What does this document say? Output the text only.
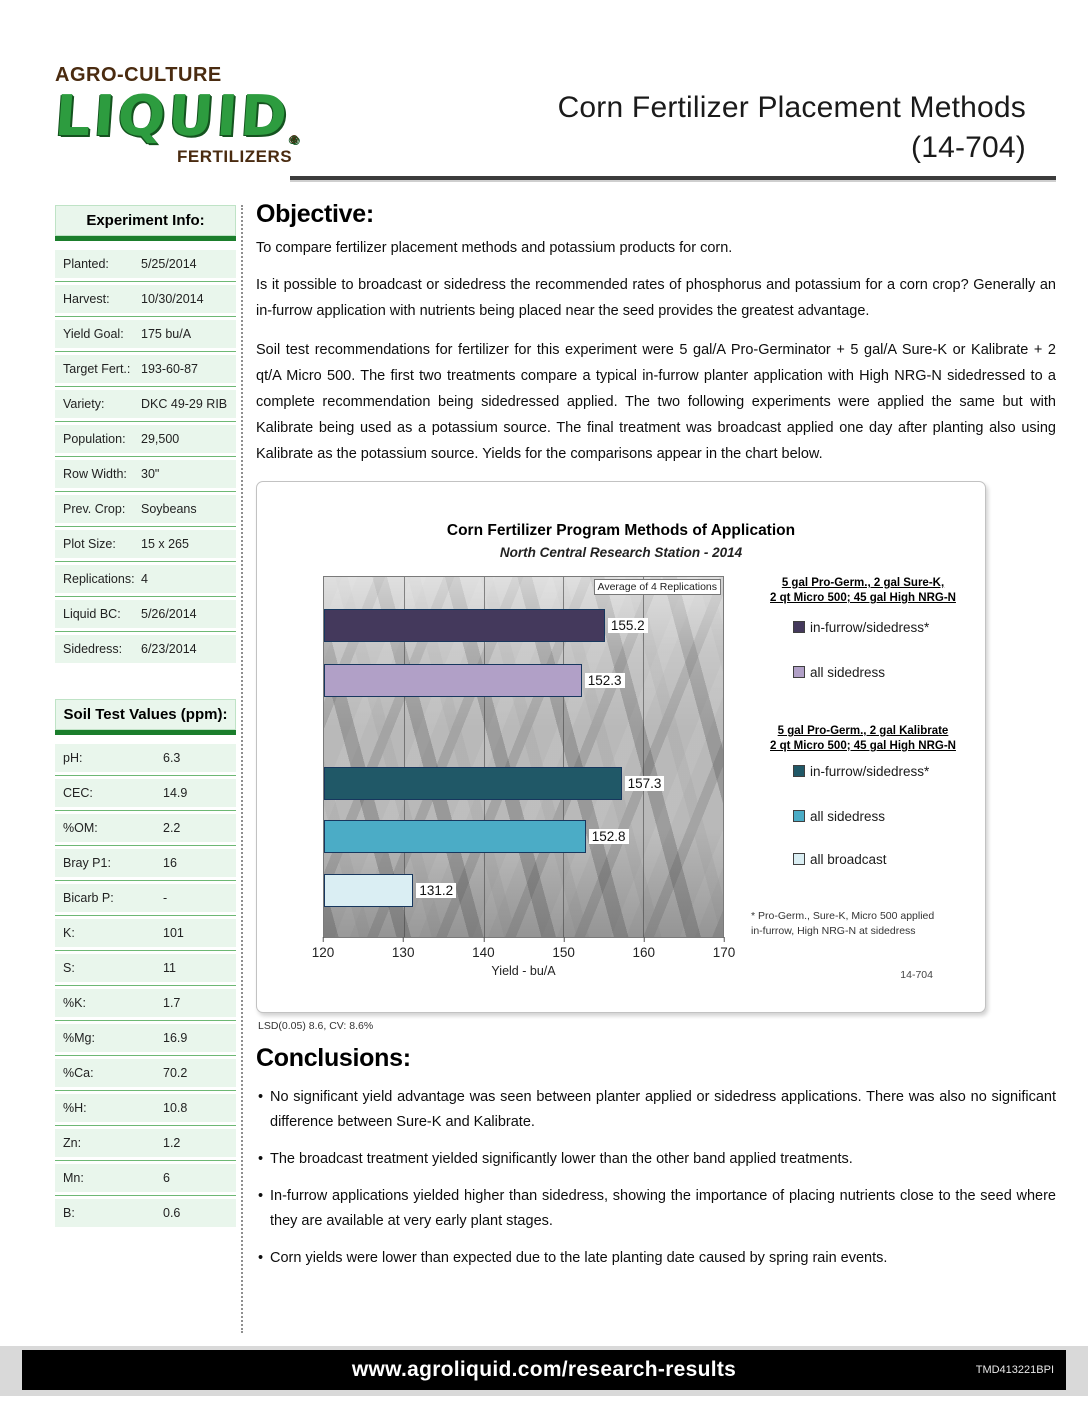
AGRO-CULTURE
LIQUID®
FERTILIZERS
Corn Fertilizer Placement Methods
(14-704)
Experiment Info:
Planted:	5/25/2014
Harvest:	10/30/2014
Yield Goal:	175 bu/A
Target Fert.: 193-60-87
Variety:	DKC 49-29 RIB
Population:	29,500
Row Width:	30"
Prev. Crop:	Soybeans
Plot Size:	15 x 265
Replications: 4
Liquid BC:	5/26/2014
Sidedress:	6/23/2014
Soil Test Values (ppm):
pH:	6.3
CEC:	14.9
%OM:	2.2
Bray P1:	16
Bicarb P:	-
K:	101
S:	11
%K:	1.7
%Mg:	16.9
%Ca:	70.2
%H:	10.8
Zn:	1.2
Mn:	6
B:	0.6
Objective:
To compare fertilizer placement methods and potassium products for corn.
Is it possible to broadcast or sidedress the recommended rates of phosphorus and potassium for a corn crop? Generally an in-furrow application with nutrients being placed near the seed provides the greatest advantage.
Soil test recommendations for fertilizer for this experiment were 5 gal/A Pro-Germinator + 5 gal/A Sure-K or Kalibrate + 2 qt/A Micro 500. The first two treatments compare a typical in-furrow planter application with High NRG-N sidedressed to a complete recommendation being sidedressed applied. The two following experiments were applied the same but with Kalibrate being used as a potassium source. The final treatment was broadcast applied one day after planting also using Kalibrate as the potassium source. Yields for the comparisons appear in the chart below.
Corn Fertilizer Program Methods of Application
North Central Research Station - 2014
Average of 4 Replications
155.2
152.3
157.3
152.8
131.2
120	130	140	150	160	170
Yield - bu/A
5 gal Pro-Germ., 2 gal Sure-K,
2 qt Micro 500; 45 gal High NRG-N
in-furrow/sidedress*
all sidedress
5 gal Pro-Germ., 2 gal Kalibrate
2 qt Micro 500; 45 gal High NRG-N
in-furrow/sidedress*
all sidedress
all broadcast
* Pro-Germ., Sure-K, Micro 500 applied
in-furrow, High NRG-N at sidedress
14-704
LSD(0.05) 8.6, CV: 8.6%
Conclusions:
• No significant yield advantage was seen between planter applied or sidedress applications. There was also no significant difference between Sure-K and Kalibrate.
• The broadcast treatment yielded significantly lower than the other band applied treatments.
• In-furrow applications yielded higher than sidedress, showing the importance of placing nutrients close to the seed where they are available at very early plant stages.
• Corn yields were lower than expected due to the late planting date caused by spring rain events.
www.agroliquid.com/research-results	TMD413221BPI
